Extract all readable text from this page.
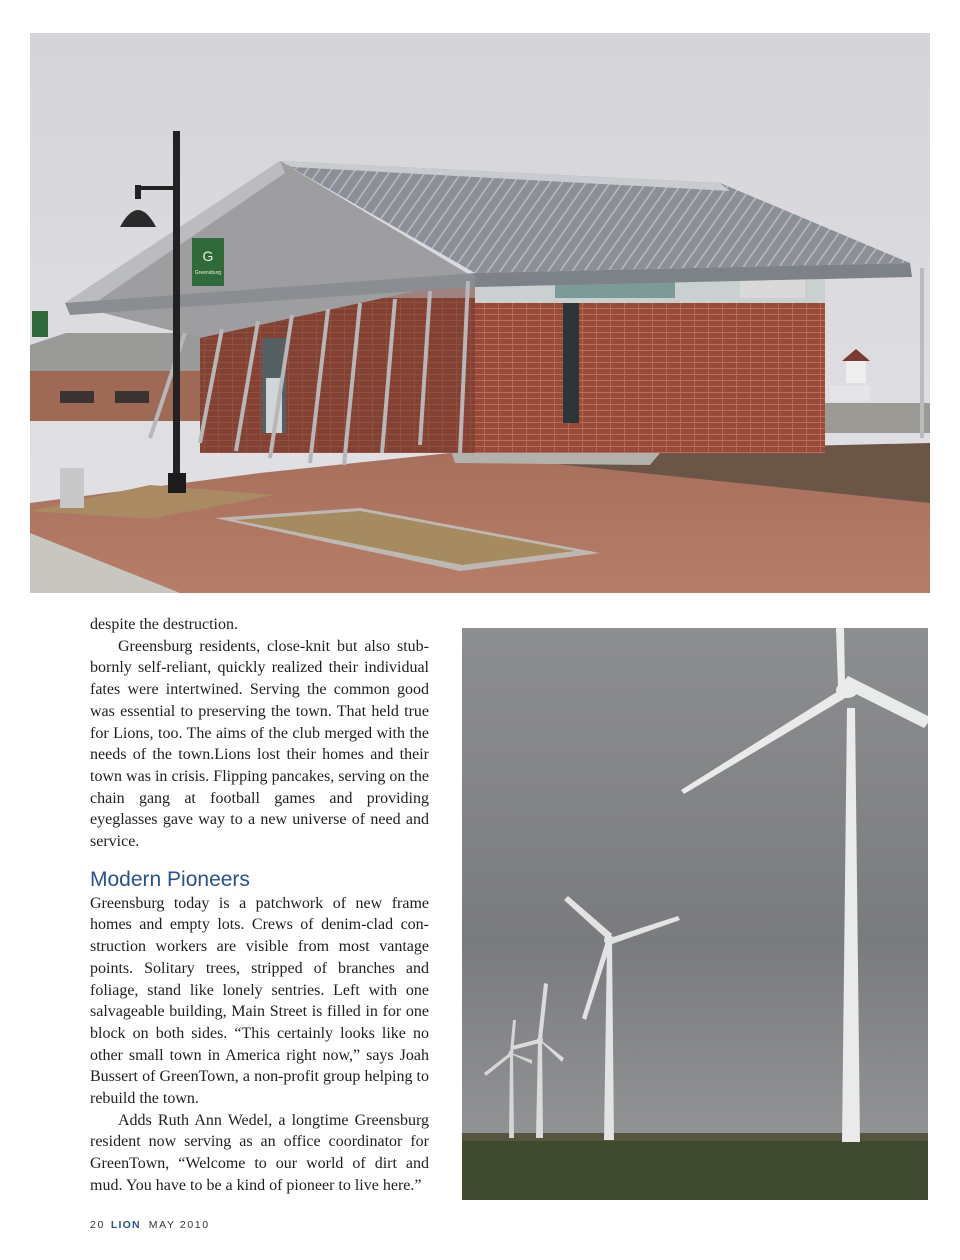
G
Greensburg

despite the destruction.

Greensburg residents, close-knit but also stubbornly self-reliant, quickly realized their individual fates were intertwined. Serving the common good was essential to preserving the town. That held true for Lions, too. The aims of the club merged with the needs of the town.Lions lost their homes and their town was in crisis. Flipping pancakes, serving on the chain gang at football games and providing eyeglasses gave way to a new universe of need and service.

Modern Pioneers

Greensburg today is a patchwork of new frame homes and empty lots. Crews of denim-clad construction workers are visible from most vantage points. Solitary trees, stripped of branches and foliage, stand like lonely sentries. Left with one salvageable building, Main Street is filled in for one block on both sides. “This certainly looks like no other small town in America right now,” says Joah Bussert of GreenTown, a non-profit group helping to rebuild the town.

Adds Ruth Ann Wedel, a longtime Greensburg resident now serving as an office coordinator for GreenTown, “Welcome to our world of dirt and mud. You have to be a kind of pioneer to live here.”

20 LION MAY 2010
